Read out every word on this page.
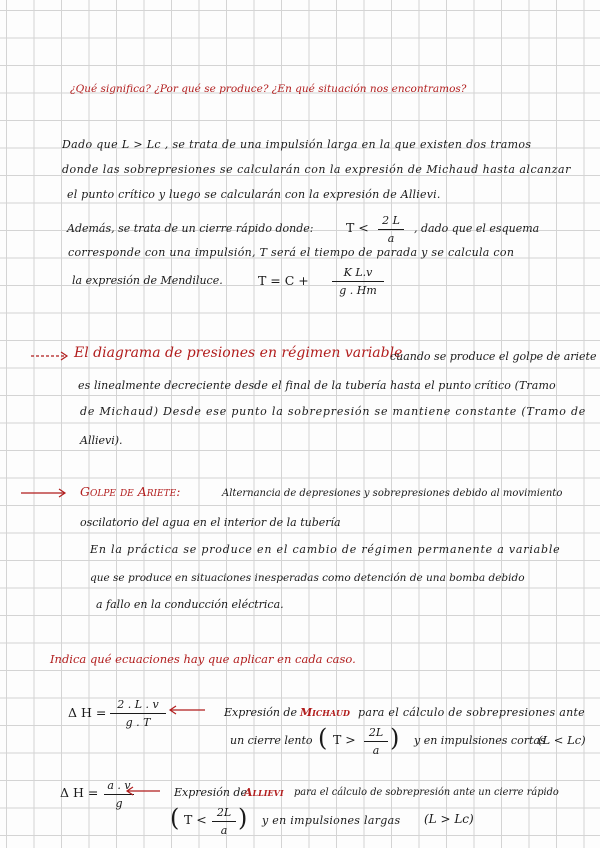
¿Qué significa? ¿Por qué se produce? ¿En qué situación nos encontramos?
Dado que L > Lc , se trata de una impulsión larga en la que existen dos tramos
donde las sobrepresiones se calcularán con la expresión de Michaud hasta alcanzar
el punto crítico y luego se calcularán con la expresión de Allievi.
Además, se trata de un cierre rápido donde:	T <	2 L
a
, dado que el esquema
corresponde con una impulsión, T será el tiempo de parada y se calcula con
la expresión de Mendiluce.	T = C +
K L.v
g . Hm
El diagrama de presiones en régimen variable
cuando se produce el golpe de ariete
es linealmente decreciente desde el final de la tubería hasta el punto crítico (Tramo
de Michaud) Desde ese punto la sobrepresión se mantiene constante (Tramo de
Allievi).
Golpe de Ariete:	Alternancia de depresiones y sobrepresiones debido al movimiento
oscilatorio del agua en el interior de la tubería
En la práctica se produce en el cambio de régimen permanente a variable
que se produce en situaciones inesperadas como detención de una bomba debido
a fallo en la conducción eléctrica.
Indica qué ecuaciones hay que aplicar en cada caso.
Δ H =
2 . L . v
g . T
Expresión de Michaud para el cálculo de sobrepresiones ante
un cierre lento ( T >	2L
a ) y en impulsiones cortas
(L < Lc)
Δ H = a . v
g
Expresión de
Allievi para el cálculo de sobrepresión ante un cierre rápido
( T < 2L
a ) y en impulsiones largas (L > Lc)
